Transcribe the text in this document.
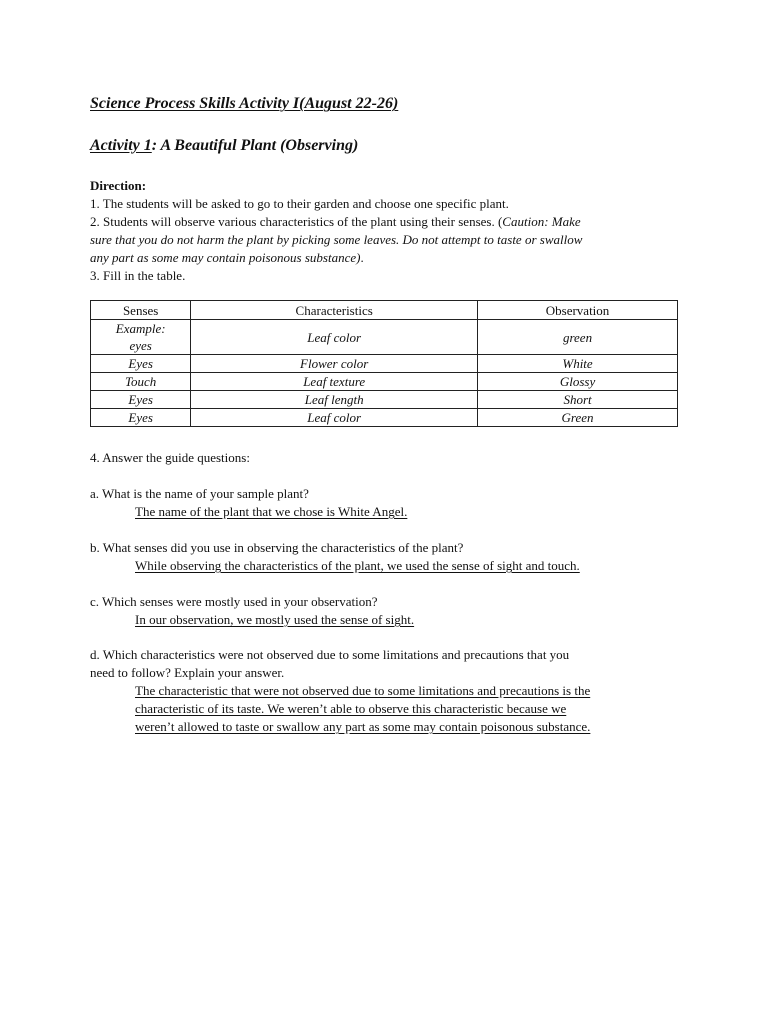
Science Process Skills Activity I(August 22-26)
Activity 1: A Beautiful Plant (Observing)
Direction:
1. The students will be asked to go to their garden and choose one specific plant.
2. Students will observe various characteristics of the plant using their senses. (Caution: Make
sure that you do not harm the plant by picking some leaves. Do not attempt to taste or swallow
any part as some may contain poisonous substance).
3. Fill in the table.
Senses	Characteristics	Observation

Example:
eyes	Leaf color	green
Eyes	Flower color	White
Touch	Leaf texture	Glossy
Eyes	Leaf length	Short
Eyes	Leaf color	Green
4. Answer the guide questions:
a. What is the name of your sample plant?
The name of the plant that we chose is White Angel.
b. What senses did you use in observing the characteristics of the plant?
While observing the characteristics of the plant, we used the sense of sight and touch.
c. Which senses were mostly used in your observation?
In our observation, we mostly used the sense of sight.
d. Which characteristics were not observed due to some limitations and precautions that you
need to follow? Explain your answer.
The characteristic that were not observed due to some limitations and precautions is the
characteristic of its taste. We weren’t able to observe this characteristic because we
weren’t allowed to taste or swallow any part as some may contain poisonous substance.
